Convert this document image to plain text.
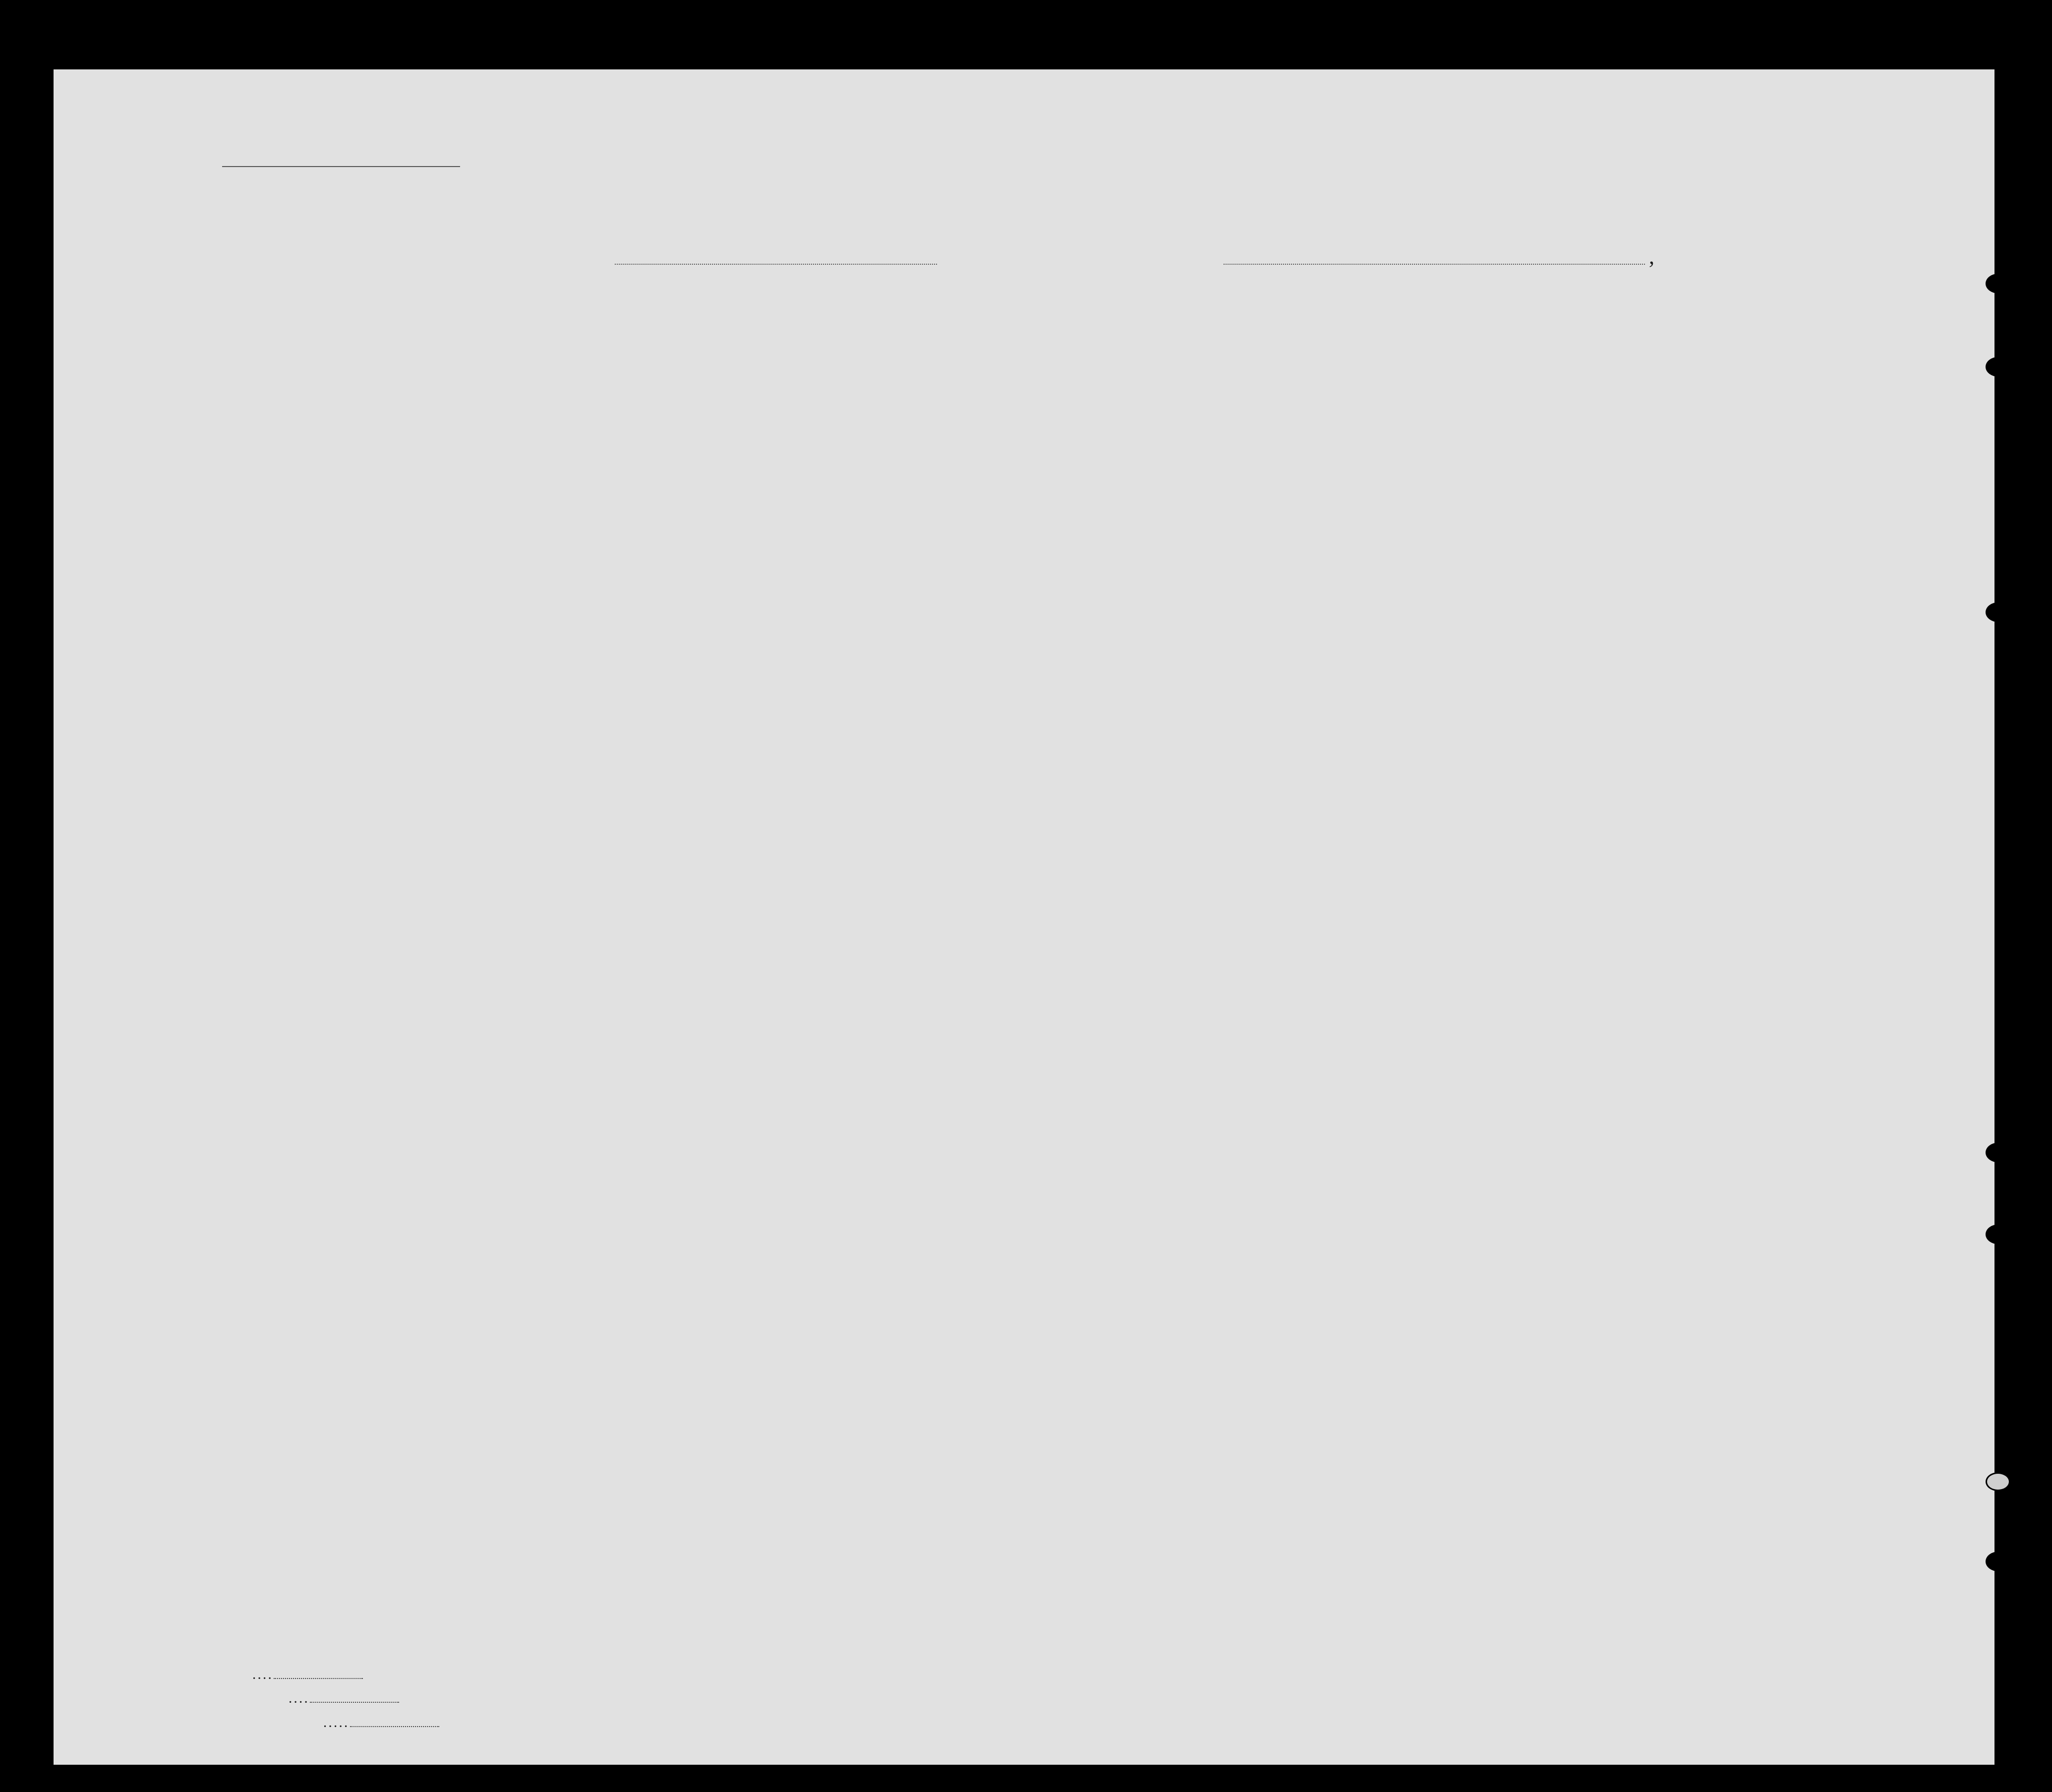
,
. . . .
. . . .
. . . . .
